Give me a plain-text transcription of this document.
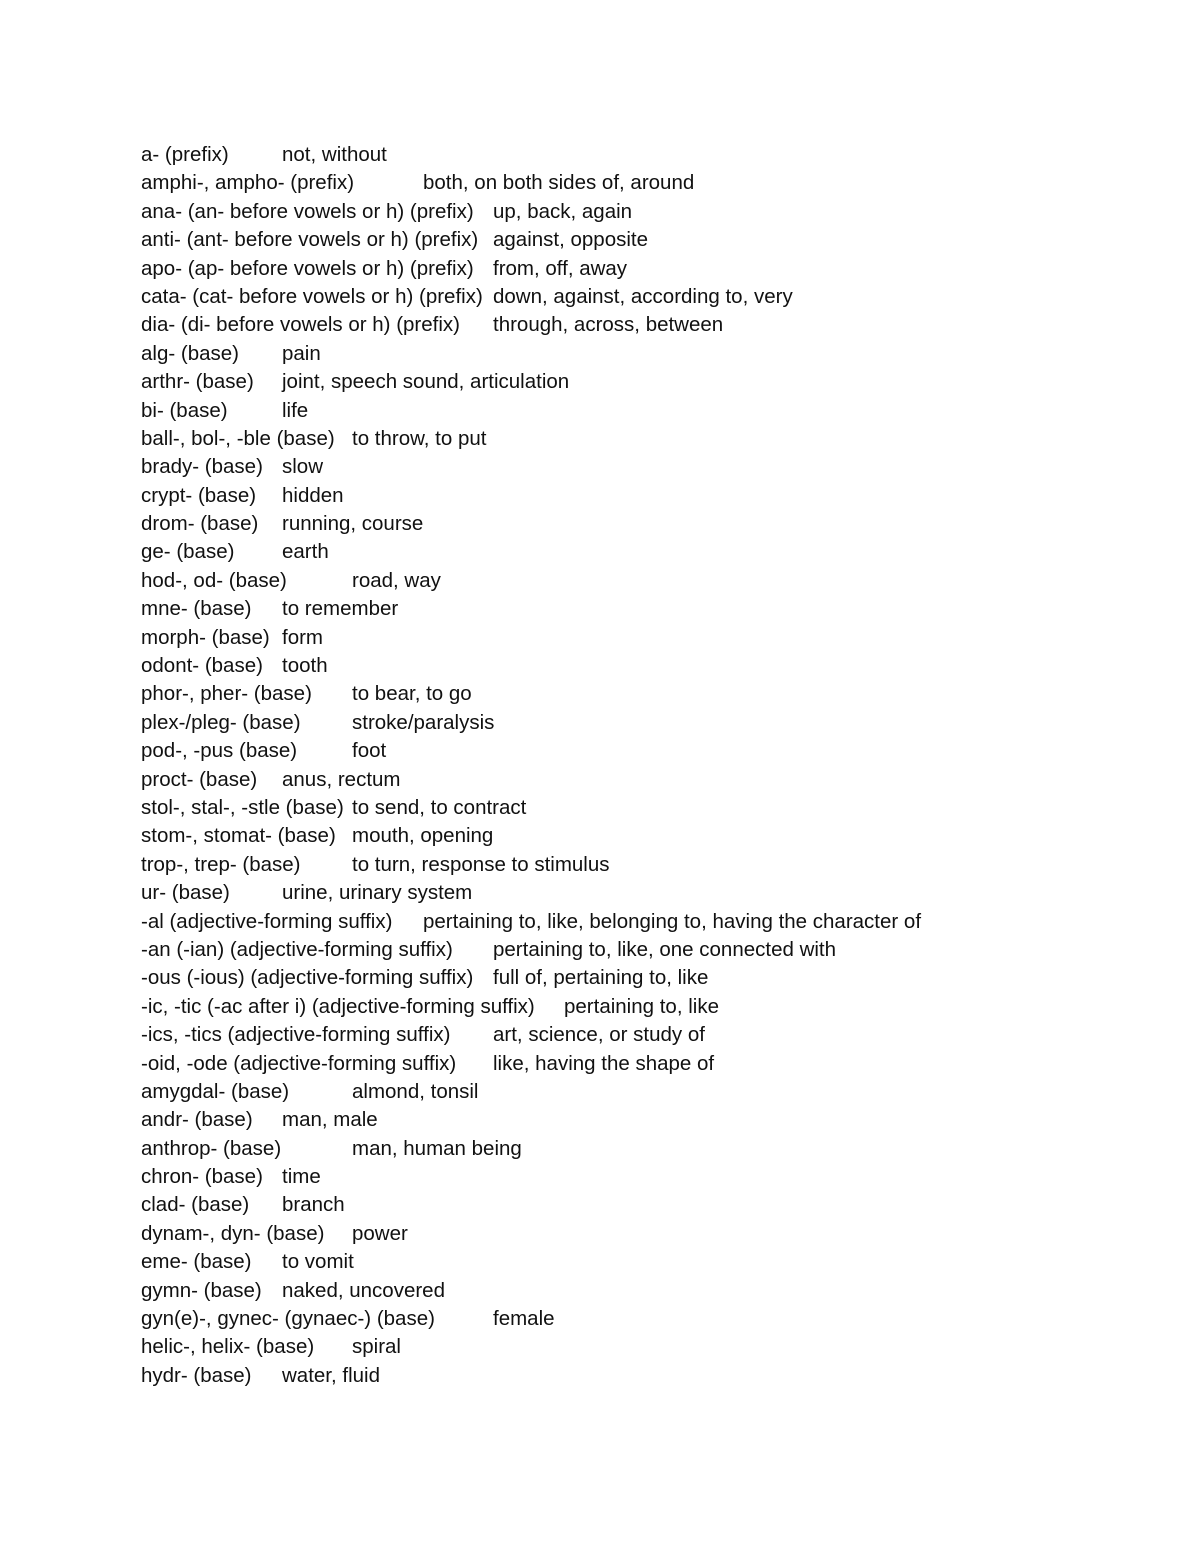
a- (prefix)	not, without
amphi-, ampho- (prefix)	both, on both sides of, around
ana- (an- before vowels or h) (prefix) up, back, again
anti- (ant- before vowels or h) (prefix) against, opposite
apo- (ap- before vowels or h) (prefix) from, off, away
cata- (cat- before vowels or h) (prefix) down, against, according to, very
dia- (di- before vowels or h) (prefix) through, across, between
alg- (base) pain
arthr- (base) joint, speech sound, articulation
bi- (base)	life
ball-, bol-, -ble (base) to throw, to put
brady- (base) slow
crypt- (base) hidden
drom- (base) running, course
ge- (base) earth
hod-, od- (base)	road, way
mne- (base) to remember
morph- (base) form
odont- (base) tooth
phor-, pher- (base) to bear, to go
plex-/pleg- (base)	stroke/paralysis
pod-, -pus (base)	foot
proct- (base) anus, rectum
stol-, stal-, -stle (base) to send, to contract
stom-, stomat- (base) mouth, opening
trop-, trep- (base)	to turn, response to stimulus
ur- (base)	urine, urinary system
-al (adjective-forming suffix) pertaining to, like, belonging to, having the character of
-an (-ian) (adjective-forming suffix) pertaining to, like, one connected with
-ous (-ious) (adjective-forming suffix) full of, pertaining to, like
-ic, -tic (-ac after i) (adjective-forming suffix) pertaining to, like
-ics, -tics (adjective-forming suffix) art, science, or study of
-oid, -ode (adjective-forming suffix) like, having the shape of
amygdal- (base)	almond, tonsil
andr- (base) man, male
anthrop- (base)	man, human being
chron- (base) time
clad- (base) branch
dynam-, dyn- (base) power
eme- (base) to vomit
gymn- (base) naked, uncovered
gyn(e)-, gynec- (gynaec-) (base)	female
helic-, helix- (base) spiral
hydr- (base) water, fluid
